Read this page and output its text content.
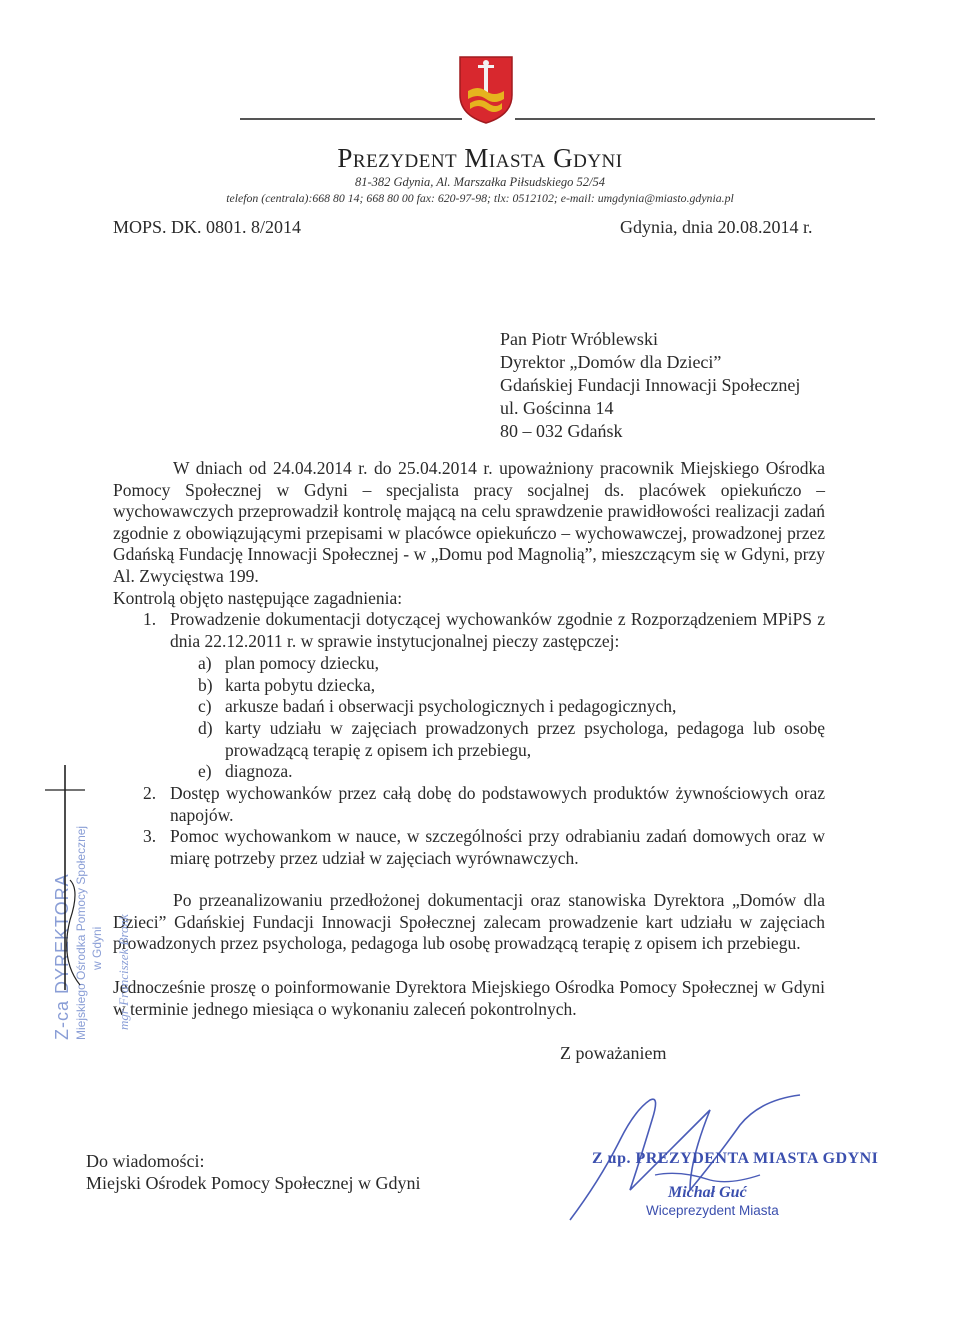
Prezydent Miasta Gdyni
81-382 Gdynia, Al. Marszałka Piłsudskiego 52/54
telefon (centrala):668 80 14; 668 80 00 fax: 620-97-98; tlx: 0512102; e-mail: umgdynia@miasto.gdynia.pl
MOPS. DK. 0801. 8/2014	Gdynia, dnia 20.08.2014 r.
Pan Piotr Wróblewski
Dyrektor „Domów dla Dzieci”
Gdańskiej Fundacji Innowacji Społecznej
ul. Gościnna 14
80 – 032 Gdańsk
W dniach od 24.04.2014 r. do 25.04.2014 r. upoważniony pracownik Miejskiego Ośrodka Pomocy Społecznej w Gdyni – specjalista pracy socjalnej ds. placówek opiekuńczo – wychowawczych przeprowadził kontrolę mającą na celu sprawdzenie prawidłowości realizacji zadań zgodnie z obowiązującymi przepisami w placówce opiekuńczo – wychowawczej, prowadzonej przez Gdańską Fundację Innowacji Społecznej - w „Domu pod Magnolią”, mieszczącym się w Gdyni, przy Al. Zwycięstwa 199.
Kontrolą objęto następujące zagadnienia:
1. Prowadzenie dokumentacji dotyczącej wychowanków zgodnie z Rozporządzeniem MPiPS z dnia 22.12.2011 r. w sprawie instytucjonalnej pieczy zastępczej:
a) plan pomocy dziecku,
b) karta pobytu dziecka,
c) arkusze badań i obserwacji psychologicznych i pedagogicznych,
d) karty udziału w zajęciach prowadzonych przez psychologa, pedagoga lub osobę prowadzącą terapię z opisem ich przebiegu,
e) diagnoza.
2. Dostęp wychowanków przez całą dobę do podstawowych produktów żywnościowych oraz napojów.
3. Pomoc wychowankom w nauce, w szczególności przy odrabianiu zadań domowych oraz w miarę potrzeby przez udział w zajęciach wyrównawczych.
Po przeanalizowaniu przedłożonej dokumentacji oraz stanowiska Dyrektora „Domów dla Dzieci” Gdańskiej Fundacji Innowacji Społecznej zalecam prowadzenie kart udziału w zajęciach prowadzonych przez psychologa, pedagoga lub osobę prowadzącą terapię z opisem ich przebiegu.
Jednocześnie proszę o poinformowanie Dyrektora Miejskiego Ośrodka Pomocy Społecznej w Gdyni w terminie jednego miesiąca o wykonaniu zaleceń pokontrolnych.
Z poważaniem
Do wiadomości:
Miejski Ośrodek Pomocy Społecznej w Gdyni
Z up. PREZYDENTA MIASTA GDYNI
Michał Guć
Wiceprezydent Miasta
Z-ca DYREKTORA Miejskiego Ośrodka Pomocy Społecznej w Gdyni mgr Franciszek Bronk
